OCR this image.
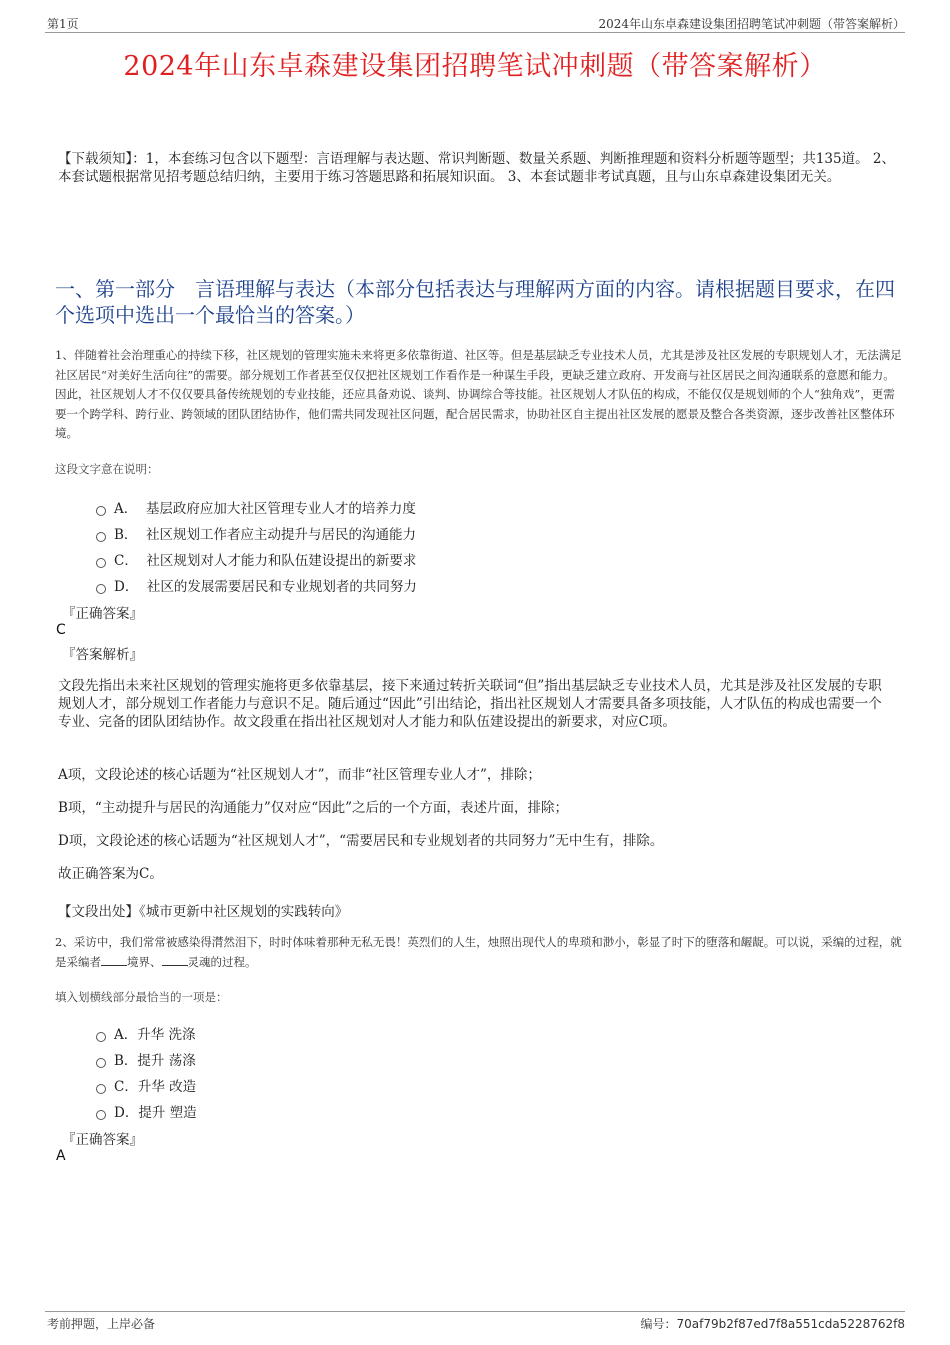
第1页	2024年山东卓森建设集团招聘笔试冲刺题（带答案解析）
2024年山东卓森建设集团招聘笔试冲刺题（带答案解析）
【下载须知】：1，本套练习包含以下题型：言语理解与表达题、常识判断题、数量关系题、判断推理题和资料分析题等题型；共135道。 2、本套试题根据常见招考题总结归纳，主要用于练习答题思路和拓展知识面。 3、本套试题非考试真题，且与山东卓森建设集团无关。
一、第一部分　言语理解与表达（本部分包括表达与理解两方面的内容。请根据题目要求，在四个选项中选出一个最恰当的答案。）
1、伴随着社会治理重心的持续下移，社区规划的管理实施未来将更多依靠街道、社区等。但是基层缺乏专业技术人员，尤其是涉及社区发展的专职规划人才，无法满足社区居民“对美好生活向往”的需要。部分规划工作者甚至仅仅把社区规划工作看作是一种谋生手段，更缺乏建立政府、开发商与社区居民之间沟通联系的意愿和能力。因此，社区规划人才不仅仅要具备传统规划的专业技能，还应具备劝说、谈判、协调综合等技能。社区规划人才队伍的构成，不能仅仅是规划师的个人“独角戏”，更需要一个跨学科、跨行业、跨领域的团队团结协作，他们需共同发现社区问题，配合居民需求，协助社区自主提出社区发展的愿景及整合各类资源，逐步改善社区整体环境。
这段文字意在说明：
A．  基层政府应加大社区管理专业人才的培养力度
B．  社区规划工作者应主动提升与居民的沟通能力
C．  社区规划对人才能力和队伍建设提出的新要求
D．  社区的发展需要居民和专业规划者的共同努力
『正确答案』
C
『答案解析』
文段先指出未来社区规划的管理实施将更多依靠基层，接下来通过转折关联词“但”指出基层缺乏专业技术人员，尤其是涉及社区发展的专职规划人才，部分规划工作者能力与意识不足。随后通过“因此”引出结论，指出社区规划人才需要具备多项技能，人才队伍的构成也需要一个专业、完备的团队团结协作。故文段重在指出社区规划对人才能力和队伍建设提出的新要求，对应C项。
A项，文段论述的核心话题为“社区规划人才”，而非“社区管理专业人才”，排除；
B项，“主动提升与居民的沟通能力”仅对应“因此”之后的一个方面，表述片面，排除；
D项，文段论述的核心话题为“社区规划人才”，“需要居民和专业规划者的共同努力”无中生有，排除。
故正确答案为C。
【文段出处】《城市更新中社区规划的实践转向》
2、采访中，我们常常被感染得潸然泪下，时时体味着那种无私无畏！英烈们的人生，烛照出现代人的卑琐和渺小，彰显了时下的堕落和龌龊。可以说，采编的过程，就是采编者 境界、 灵魂的过程。
填入划横线部分最恰当的一项是：
A．升华 洗涤
B．提升 荡涤
C．升华 改造
D．提升 塑造
『正确答案』
A
考前押题，上岸必备	编号：70af79b2f87ed7f8a551cda5228762f8
